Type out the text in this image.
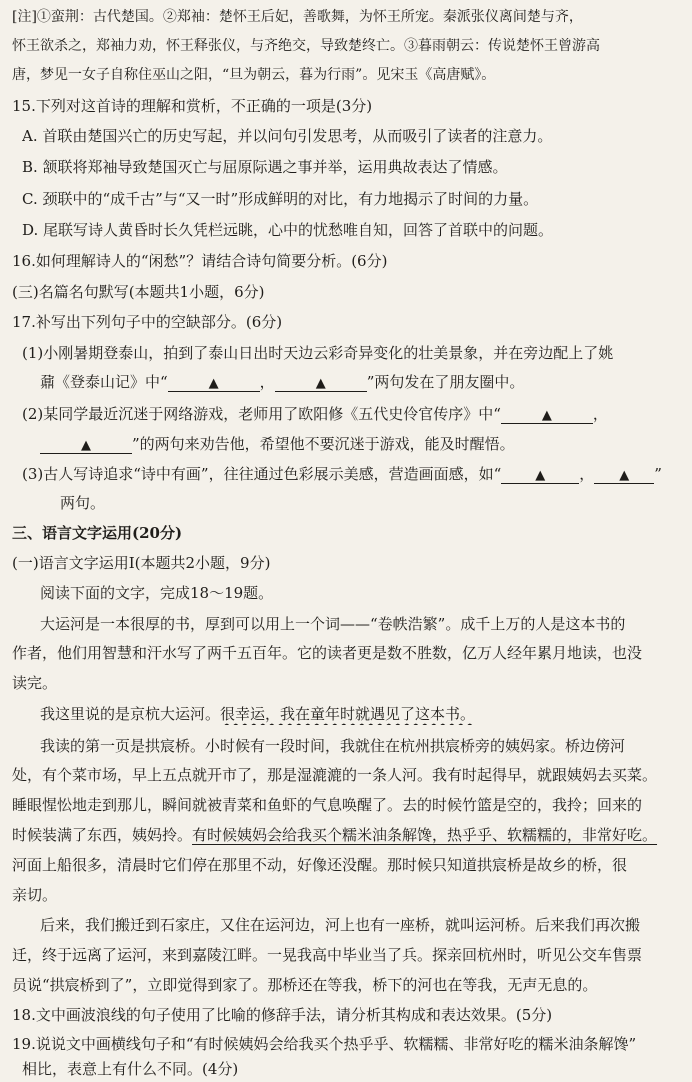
[注]①蛮荆：古代楚国。②郑袖：楚怀王后妃，善歌舞，为怀王所宠。秦派张仪离间楚与齐，
怀王欲杀之，郑袖力劝，怀王释张仪，与齐绝交，导致楚终亡。③暮雨朝云：传说楚怀王曾游高
唐，梦见一女子自称住巫山之阳，“旦为朝云，暮为行雨”。见宋玉《高唐赋》。
15.下列对这首诗的理解和赏析，不正确的一项是(3分)
A. 首联由楚国兴亡的历史写起，并以问句引发思考，从而吸引了读者的注意力。
B. 颔联将郑袖导致楚国灭亡与屈原际遇之事并举，运用典故表达了情感。
C. 颈联中的“成千古”与“又一时”形成鲜明的对比，有力地揭示了时间的力量。
D. 尾联写诗人黄昏时长久凭栏远眺，心中的忧愁唯自知，回答了首联中的问题。
16.如何理解诗人的“闲愁”？请结合诗句简要分析。(6分)
(三)名篇名句默写(本题共1小题，6分)
17.补写出下列句子中的空缺部分。(6分)
(1)小刚暑期登泰山，拍到了泰山日出时天边云彩奇异变化的壮美景象，并在旁边配上了姚
鼐《登泰山记》中“	▲	，	▲	”两句发在了朋友圈中。
(2)某同学最近沉迷于网络游戏，老师用了欧阳修《五代史伶官传序》中“	▲	，
▲	”的两句来劝告他，希望他不要沉迷于游戏，能及时醒悟。
(3)古人写诗追求“诗中有画”，往往通过色彩展示美感，营造画面感，如“	▲ ， ▲ ”
两句。
三、语言文字运用(20分)
(一)语言文字运用Ⅰ(本题共2小题，9分)
阅读下面的文字，完成18～19题。
大运河是一本很厚的书，厚到可以用上一个词——“卷帙浩繁”。成千上万的人是这本书的
作者，他们用智慧和汗水写了两千五百年。它的读者更是数不胜数，亿万人经年累月地读，也没
读完。
我这里说的是京杭大运河。很幸运，我在童年时就遇见了这本书。
我读的第一页是拱宸桥。小时候有一段时间，我就住在杭州拱宸桥旁的姨妈家。桥边傍河
处，有个菜市场，早上五点就开市了，那是湿漉漉的一条人河。我有时起得早，就跟姨妈去买菜。
睡眼惺忪地走到那儿，瞬间就被青菜和鱼虾的气息唤醒了。去的时候竹篮是空的，我拎；回来的
时候装满了东西，姨妈拎。有时候姨妈会给我买个糯米油条解馋，热乎乎、软糯糯的，非常好吃。
河面上船很多，清晨时它们停在那里不动，好像还没醒。那时候只知道拱宸桥是故乡的桥，很
亲切。
后来，我们搬迁到石家庄，又住在运河边，河上也有一座桥，就叫运河桥。后来我们再次搬
迁，终于远离了运河，来到嘉陵江畔。一晃我高中毕业当了兵。探亲回杭州时，听见公交车售票
员说“拱宸桥到了”，立即觉得到家了。那桥还在等我，桥下的河也在等我，无声无息的。
18.文中画波浪线的句子使用了比喻的修辞手法，请分析其构成和表达效果。(5分)
19.说说文中画横线句子和“有时候姨妈会给我买个热乎乎、软糯糯、非常好吃的糯米油条解馋”
相比，表意上有什么不同。(4分)
